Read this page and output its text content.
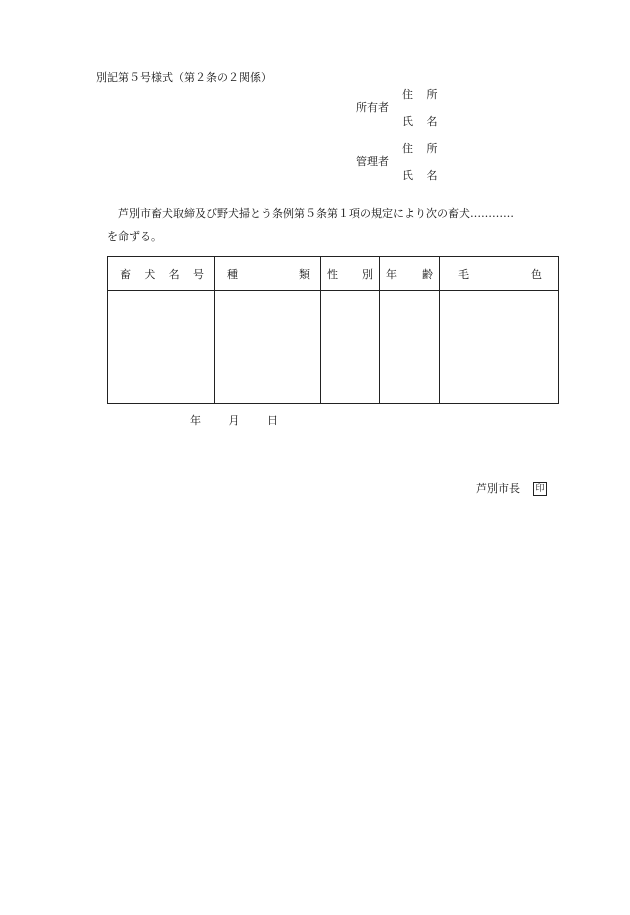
別記第５号様式（第２条の２関係）
所有者
住 所
氏 名
管理者
住 所
氏 名
芦別市畜犬取締及び野犬掃とう条例第５条第１項の規定により次の畜犬‥‥‥‥‥‥
を命ずる。
畜 犬 名 号	種 類	性 別	年 齢	毛 色

年	月	日
芦別市長 印
